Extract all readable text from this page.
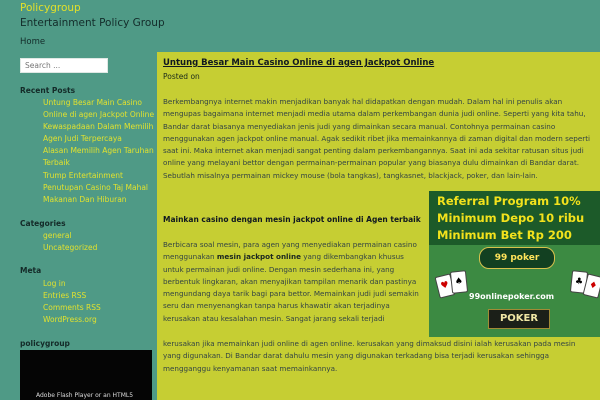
Policygroup
Entertainment Policy Group
Home
Search ...
Recent Posts
Untung Besar Main Casino
Online di agen Jackpot Online
Kewaspadaan Dalam Memilih
Agen Judi Terpercaya
Alasan Memilih Agen Taruhan
Terbaik
Trump Entertainment
Penutupan Casino Taj Mahal
Makanan Dan Hiburan
Categories
general
Uncategorized
Meta
Log in
Entries RSS
Comments RSS
WordPress.org
policygroup
Adobe Flash Player or an HTML5
Untung Besar Main Casino Online di agen Jackpot Online
Posted on

Berkembangnya internet makin menjadikan banyak hal didapatkan dengan mudah. Dalam hal ini penulis akan mengupas bagaimana internet menjadi media utama dalam perkembangan dunia judi online. Seperti yang kita tahu, Bandar darat biasanya menyediakan jenis judi yang dimainkan secara manual. Contohnya permainan casino menggunakan agen jackpot online manual. Agak sedikit ribet jika memainkannya di zaman digital dan modern seperti saat ini. Maka internet akan menjadi sangat penting dalam perkembangannya. Saat ini ada sekitar ratusan situs judi online yang melayani bettor dengan permainan-permainan popular yang biasanya dulu dimainkan di Bandar darat. Sebutlah misalnya permainan mickey mouse (bola tangkas), tangkasnet, blackjack, poker, dan lain-lain.

Mainkan casino dengan mesin jackpot online di Agen terbaik

Berbicara soal mesin, para agen yang menyediakan permainan casino menggunakan mesin jackpot online yang dikembangkan khusus untuk permainan judi online. Dengan mesin sederhana ini, yang berbentuk lingkaran, akan menyajikan tampilan menarik dan pastinya mengundang daya tarik bagi para bettor. Memainkan judi judi semakin seru dan menyenangkan tanpa harus khawatir akan terjadinya kerusakan atau kesalahan mesin. Sangat jarang sekali terjadi

kerusakan jika memainkan judi online di agen online. kerusakan yang dimaksud disini ialah kerusakan pada mesin yang digunakan. Di Bandar darat dahulu mesin yang digunakan terkadang bisa terjadi kerusakan sehingga mengganggu kenyamanan saat memainkannya.

Referral Program 10%
Minimum Depo 10 ribu
Minimum Bet Rp 200
99 poker
♥ ♠	♣ ♦
99onlinepoker.com
POKER
